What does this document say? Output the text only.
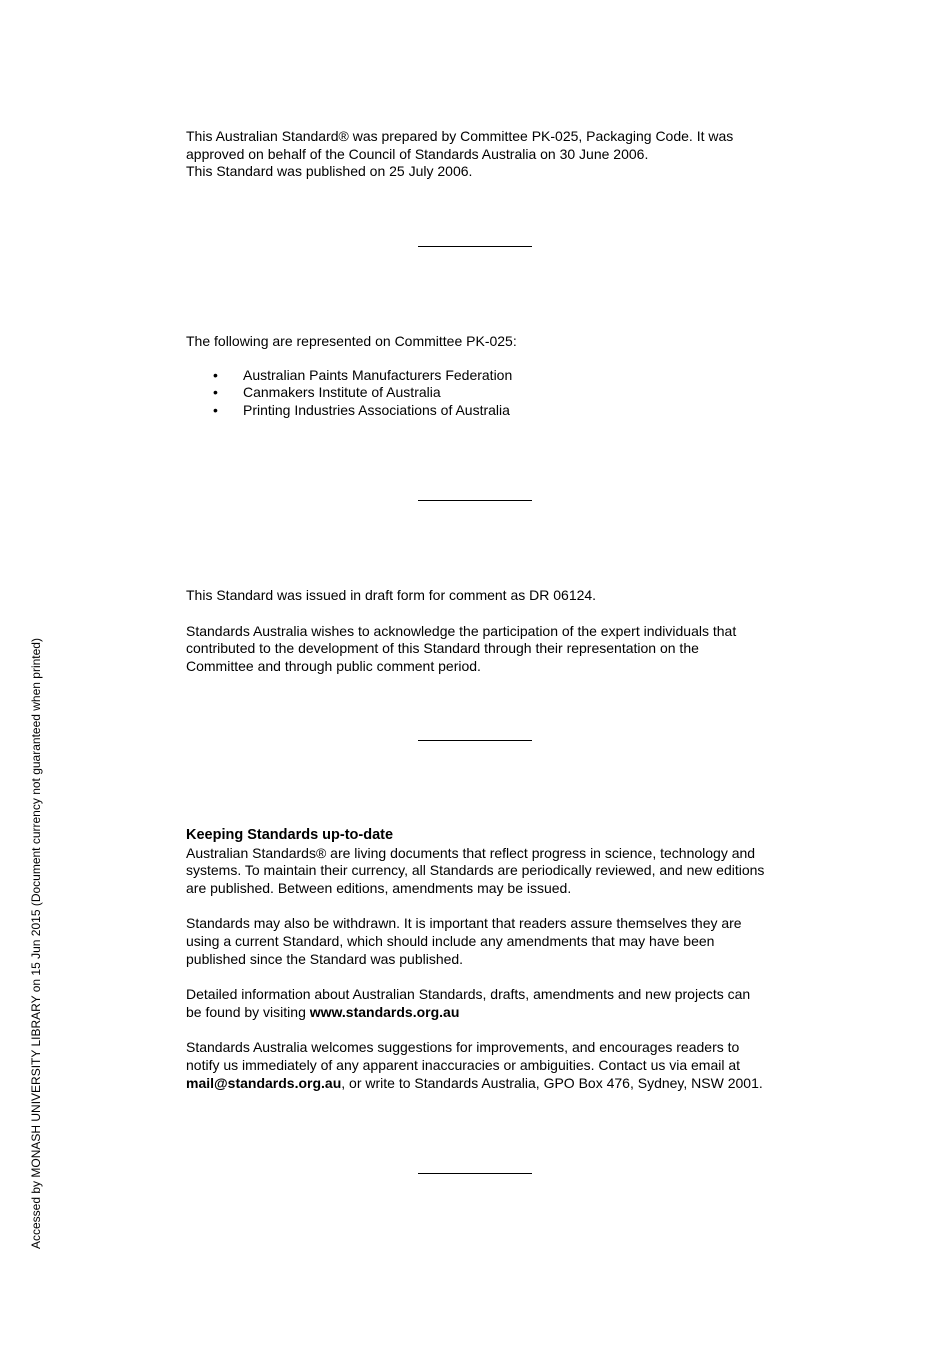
This Australian Standard® was prepared by Committee PK-025, Packaging Code. It was

approved on behalf of the Council of Standards Australia on 30 June 2006.

This Standard was published on 25 July 2006.

The following are represented on Committee PK-025:

• Australian Paints Manufacturers Federation
• Canmakers Institute of Australia
• Printing Industries Associations of Australia

This Standard was issued in draft form for comment as DR 06124.

Standards Australia wishes to acknowledge the participation of the expert individuals that

contributed to the development of this Standard through their representation on the

Committee and through public comment period.

Keeping Standards up-to-date

Australian Standards® are living documents that reflect progress in science, technology and

systems. To maintain their currency, all Standards are periodically reviewed, and new editions

are published. Between editions, amendments may be issued.

Standards may also be withdrawn. It is important that readers assure themselves they are

using a current Standard, which should include any amendments that may have been

published since the Standard was published.

Detailed information about Australian Standards, drafts, amendments and new projects can

be found by visiting www.standards.org.au

Standards Australia welcomes suggestions for improvements, and encourages readers to

notify us immediately of any apparent inaccuracies or ambiguities. Contact us via email at

mail@standards.org.au, or write to Standards Australia, GPO Box 476, Sydney, NSW 2001.

Accessed by MONASH UNIVERSITY LIBRARY on 15 Jun 2015 (Document currency not guaranteed when printed)
